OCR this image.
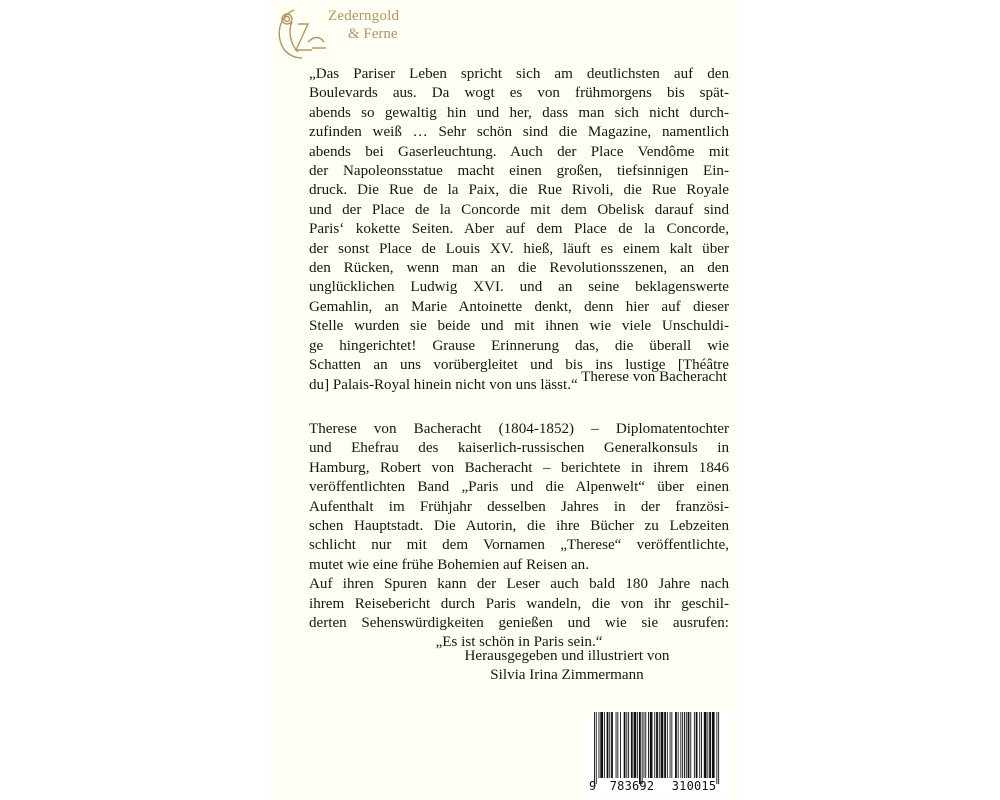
Zederngold
& Ferne
„Das Pariser Leben spricht sich am deutlichsten auf den
Boulevards aus. Da wogt es von frühmorgens bis spät-
abends so gewaltig hin und her, dass man sich nicht durch-
zufinden weiß … Sehr schön sind die Magazine, namentlich
abends bei Gaserleuchtung. Auch der Place Vendôme mit
der Napoleonsstatue macht einen großen, tiefsinnigen Ein-
druck. Die Rue de la Paix, die Rue Rivoli, die Rue Royale
und der Place de la Concorde mit dem Obelisk darauf sind
Paris‘ kokette Seiten. Aber auf dem Place de la Concorde,
der sonst Place de Louis XV. hieß, läuft es einem kalt über
den Rücken, wenn man an die Revolutionsszenen, an den
unglücklichen Ludwig XVI. und an seine beklagenswerte
Gemahlin, an Marie Antoinette denkt, denn hier auf dieser
Stelle wurden sie beide und mit ihnen wie viele Unschuldi-
ge hingerichtet! Grause Erinnerung das, die überall wie
Schatten an uns vorübergleitet und bis ins lustige [Théâtre
du] Palais-Royal hinein nicht von uns lässt.“ Therese von Bacheracht
Therese von Bacheracht (1804-1852) – Diplomatentochter
und Ehefrau des kaiserlich-russischen Generalkonsuls in
Hamburg, Robert von Bacheracht – berichtete in ihrem 1846
veröffentlichten Band „Paris und die Alpenwelt“ über einen
Aufenthalt im Frühjahr desselben Jahres in der französi-
schen Hauptstadt. Die Autorin, die ihre Bücher zu Lebzeiten
schlicht nur mit dem Vornamen „Therese“ veröffentlichte,
mutet wie eine frühe Bohemien auf Reisen an.
Auf ihren Spuren kann der Leser auch bald 180 Jahre nach
ihrem Reisebericht durch Paris wandeln, die von ihr geschil-
derten Sehenswürdigkeiten genießen und wie sie ausrufen:
„Es ist schön in Paris sein.“
Herausgegeben und illustriert von
Silvia Irina Zimmermann
9	783692	310015
